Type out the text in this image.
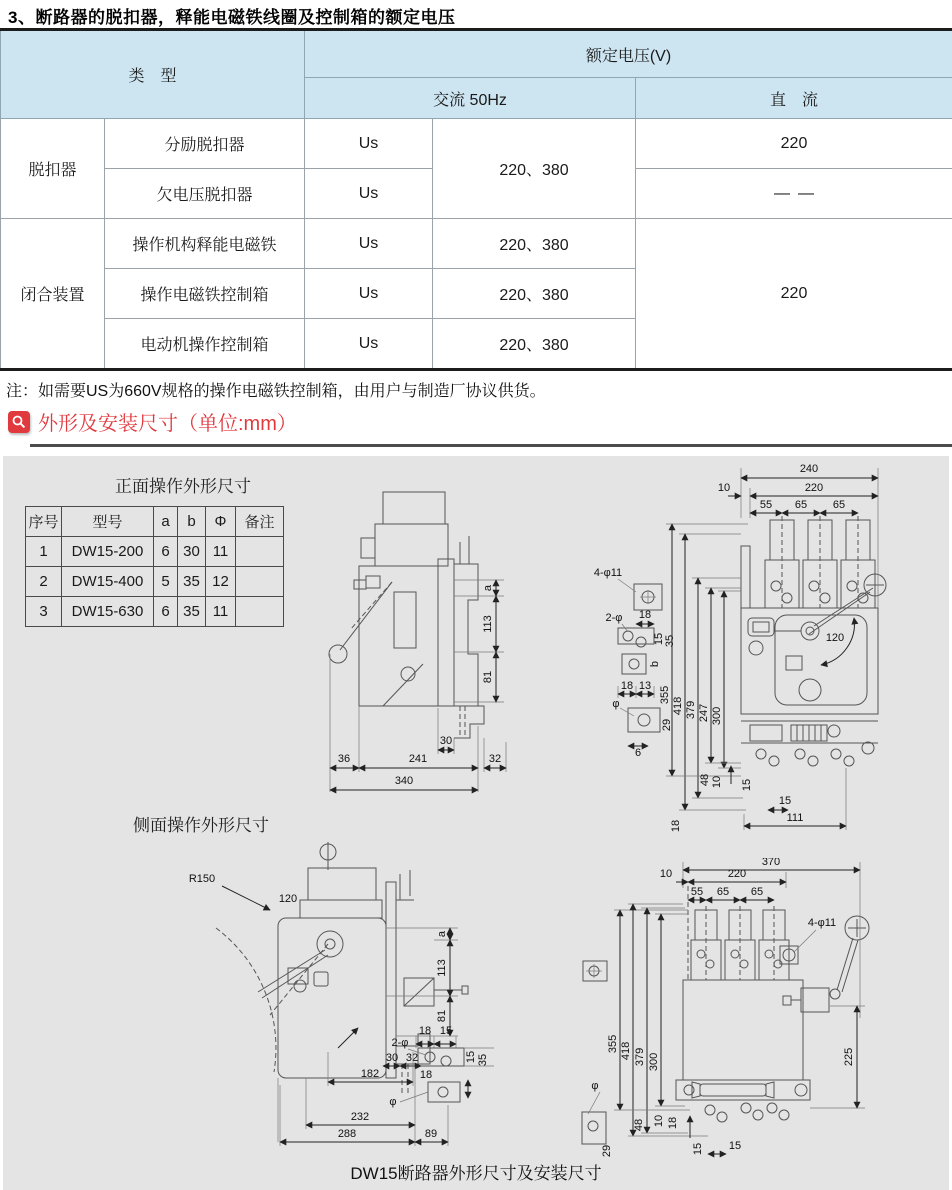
3、断路器的脱扣器，释能电磁铁线圈及控制箱的额定电压
类　型		额定电压(V)		
		交流 50Hz		直　流
脱扣器	分励脱扣器	Us	220、380	220
	欠电压脱扣器	Us		— —
闭合装置	操作机构释能电磁铁	Us	220、380	220
	操作电磁铁控制箱	Us	220、380	
	电动机操作控制箱	Us	220、380	
注：如需要US为660V规格的操作电磁铁控制箱，由用户与制造厂协议供货。
外形及安装尺寸（单位:mm）
正面操作外形尺寸
侧面操作外形尺寸
序号	型号	a	b	Φ	备注
1	DW15-200	6	30	11	
2	DW15-400	5	35	12	
3	DW15-630	6	35	11	
30
36	241	32
340
a
113
81
120
240
220
10
55 65 65
4-φ11
2-φ 18
15 35
b
18 13
φ
29
6
355
418 379 247 300
18
48 10 15
15
111
R150
120
a
113
81
18 15
15 35
2-φ
30 32
18
φ
182
232
288	89
370
220
10
55 65 65
4-φ11
355 418 379 300
φ
29
48 10 18
15 15
225
DW15断路器外形尺寸及安装尺寸
